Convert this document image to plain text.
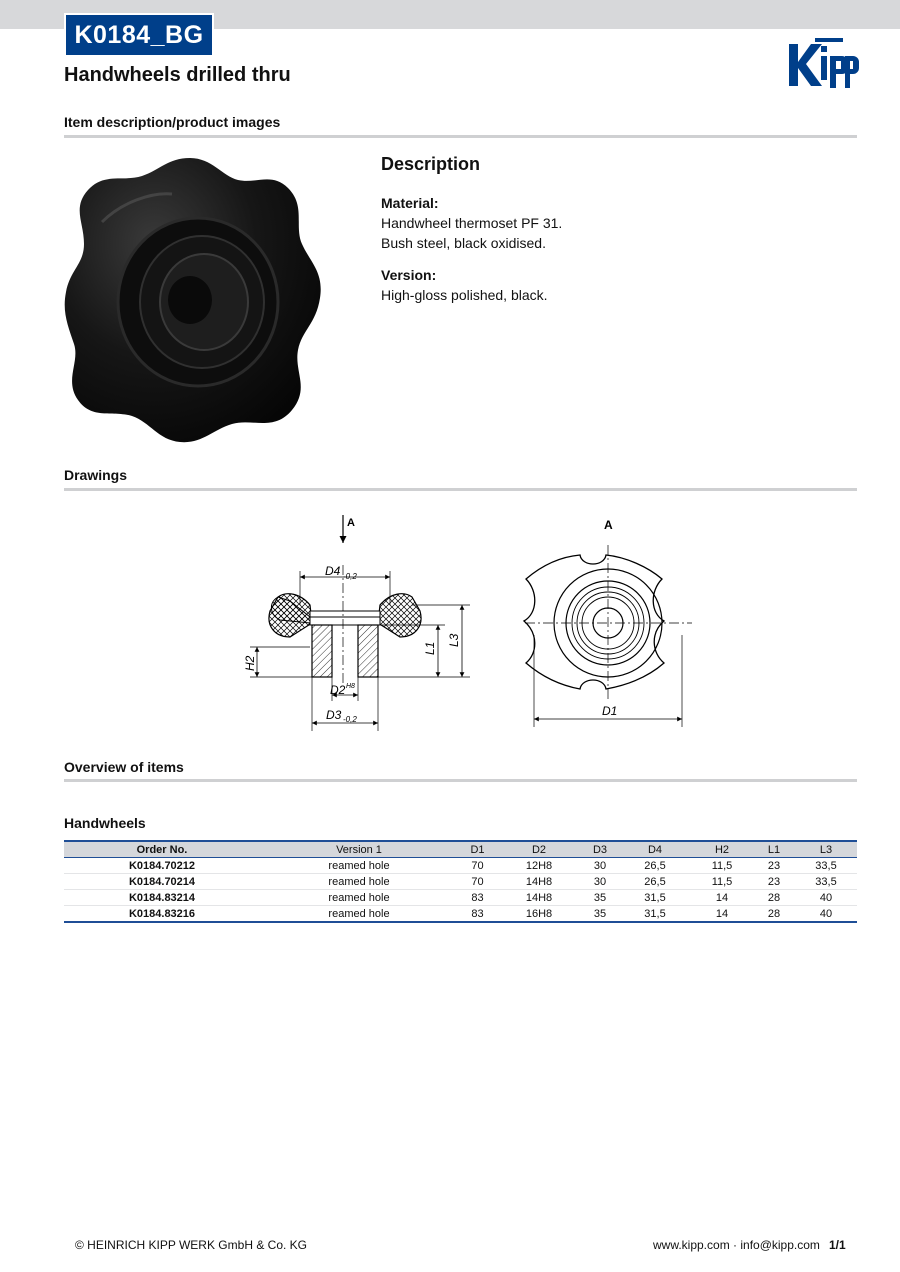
K0184_BG
Handwheels drilled thru
Item description/product images
Description
Material:
Handwheel thermoset PF 31.
Bush steel, black oxidised.
Version:
High-gloss polished, black.
Drawings
A
D4 -0,2
D2 H8
D3 -0,2
H2
L1
L3
A
D1
Overview of items
Handwheels
Order No.	Version 1	D1	D2	D3	D4	H2	L1	L3
K0184.70212	reamed hole	70	12H8	30	26,5	11,5	23	33,5
K0184.70214	reamed hole	70	14H8	30	26,5	11,5	23	33,5
K0184.83214	reamed hole	83	14H8	35	31,5	14	28	40
K0184.83216	reamed hole	83	16H8	35	31,5	14	28	40
© HEINRICH KIPP WERK GmbH & Co. KG	www.kipp.com · info@kipp.com 1/1
